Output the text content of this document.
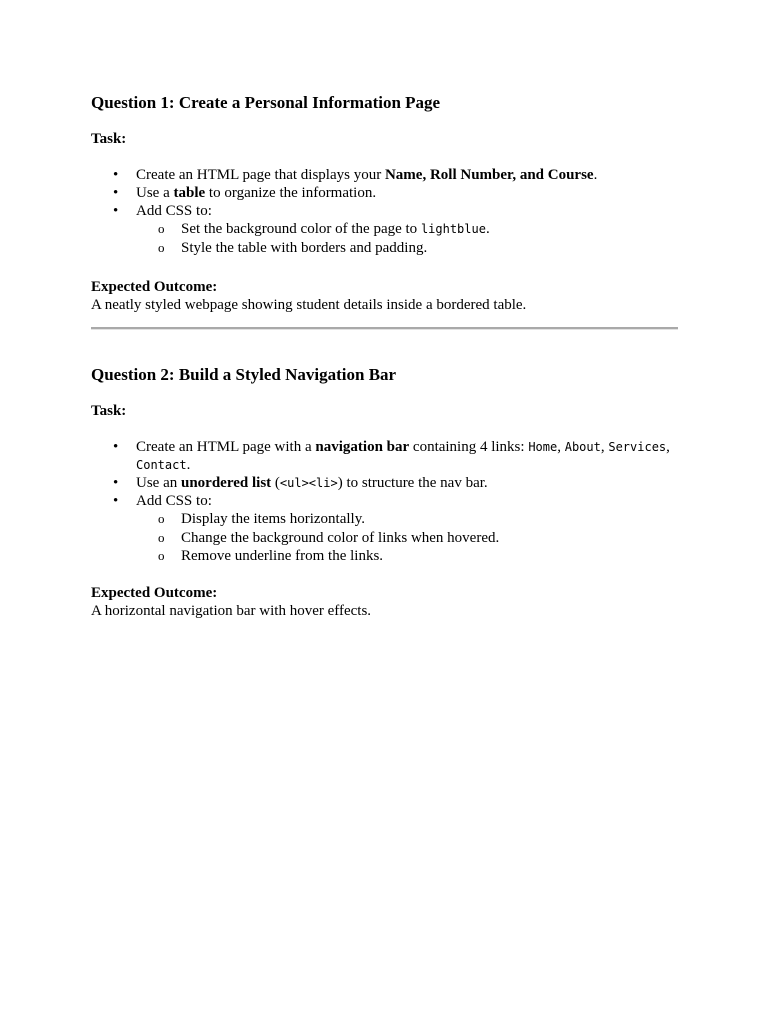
Question 1: Create a Personal Information Page

Task:

• Create an HTML page that displays your Name, Roll Number, and Course.
• Use a table to organize the information.
• Add CSS to:
o Set the background color of the page to lightblue.
o Style the table with borders and padding.

Expected Outcome:

A neatly styled webpage showing student details inside a bordered table.

Question 2: Build a Styled Navigation Bar

Task:

• Create an HTML page with a navigation bar containing 4 links: Home, About, Services,
Contact.
• Use an unordered list (<ul><li>) to structure the nav bar.
• Add CSS to:
o Display the items horizontally.
o Change the background color of links when hovered.
o Remove underline from the links.

Expected Outcome:

A horizontal navigation bar with hover effects.
